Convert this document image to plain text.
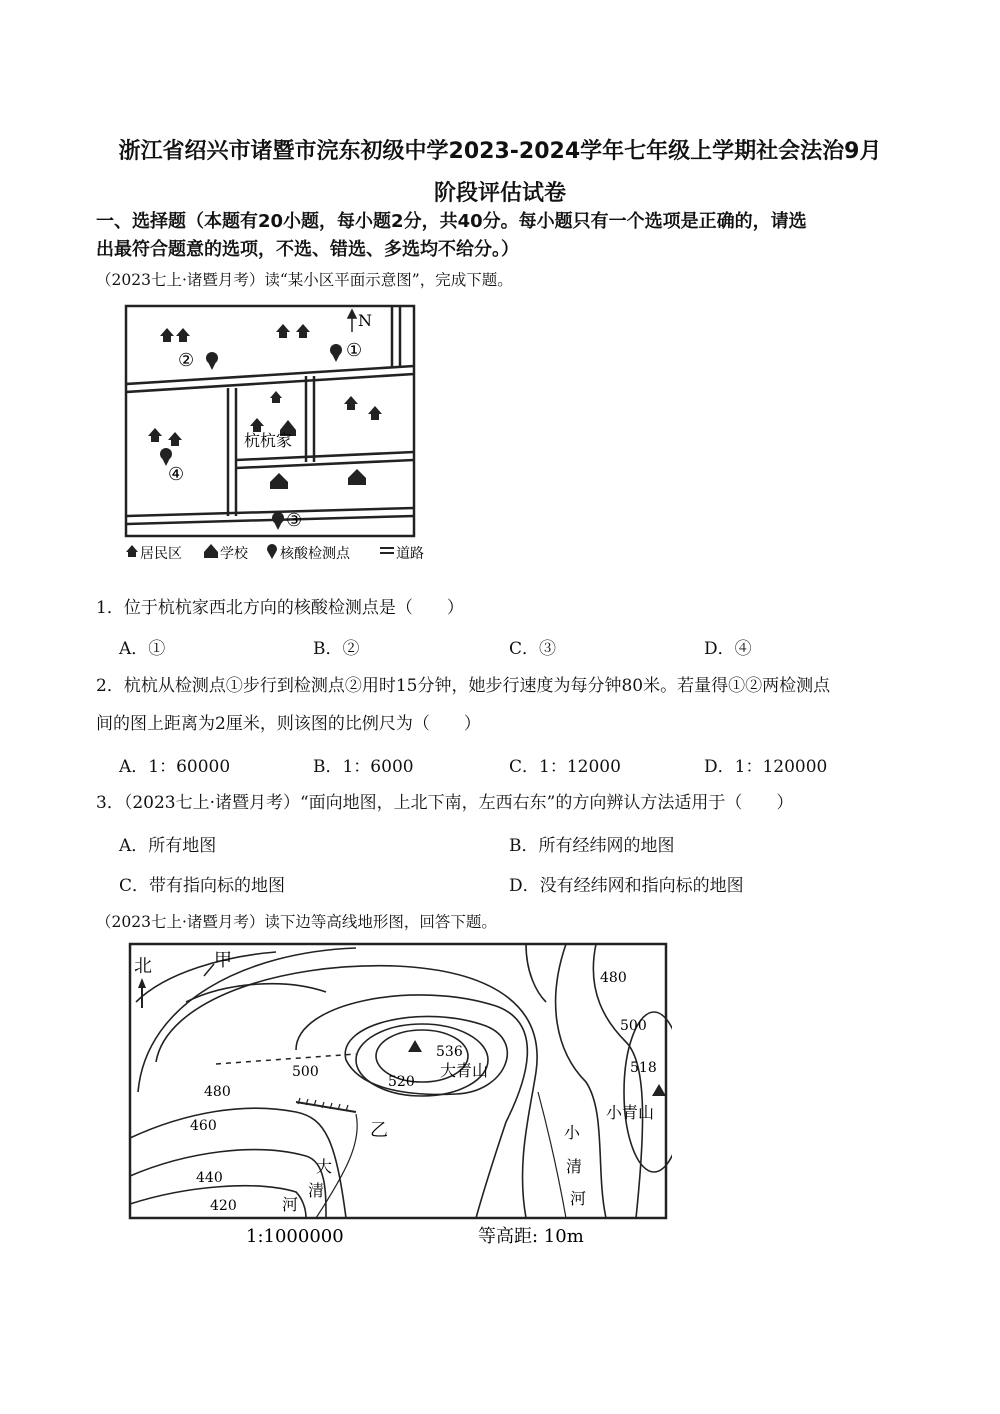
浙江省绍兴市诸暨市浣东初级中学2023-2024学年七年级上学期社会法治9月
阶段评估试卷
一、选择题（本题有20小题，每小题2分，共40分。每小题只有一个选项是正确的，请选
出最符合题意的选项，不选、错选、多选均不给分。）
（2023七上·诸暨月考）读“某小区平面示意图”，完成下题。
N
①
②
③
④
杭杭家
居民区	学校 核酸检测点	道路
1．位于杭杭家西北方向的核酸检测点是（　　）
A．①	B．②	C．③	D．④
2．杭杭从检测点①步行到检测点②用时15分钟，她步行速度为每分钟80米。若量得①②两检测点
间的图上距离为2厘米，则该图的比例尺为（　　）
A．1：60000	B．1：6000	C．1：12000	D．1：120000
3．（2023七上·诸暨月考）“面向地图，上北下南，左西右东”的方向辨认方法适用于（　　）
A．所有地图	B．所有经纬网的地图
C．带有指向标的地图	D．没有经纬网和指向标的地图
（2023七上·诸暨月考）读下边等高线地形图，回答下题。
北	甲
乙
大青山
小青山
536
520
500
480
460
440
420
480
500
518
大
清
河
小
清
河
1:1000000	等高距: 10m
